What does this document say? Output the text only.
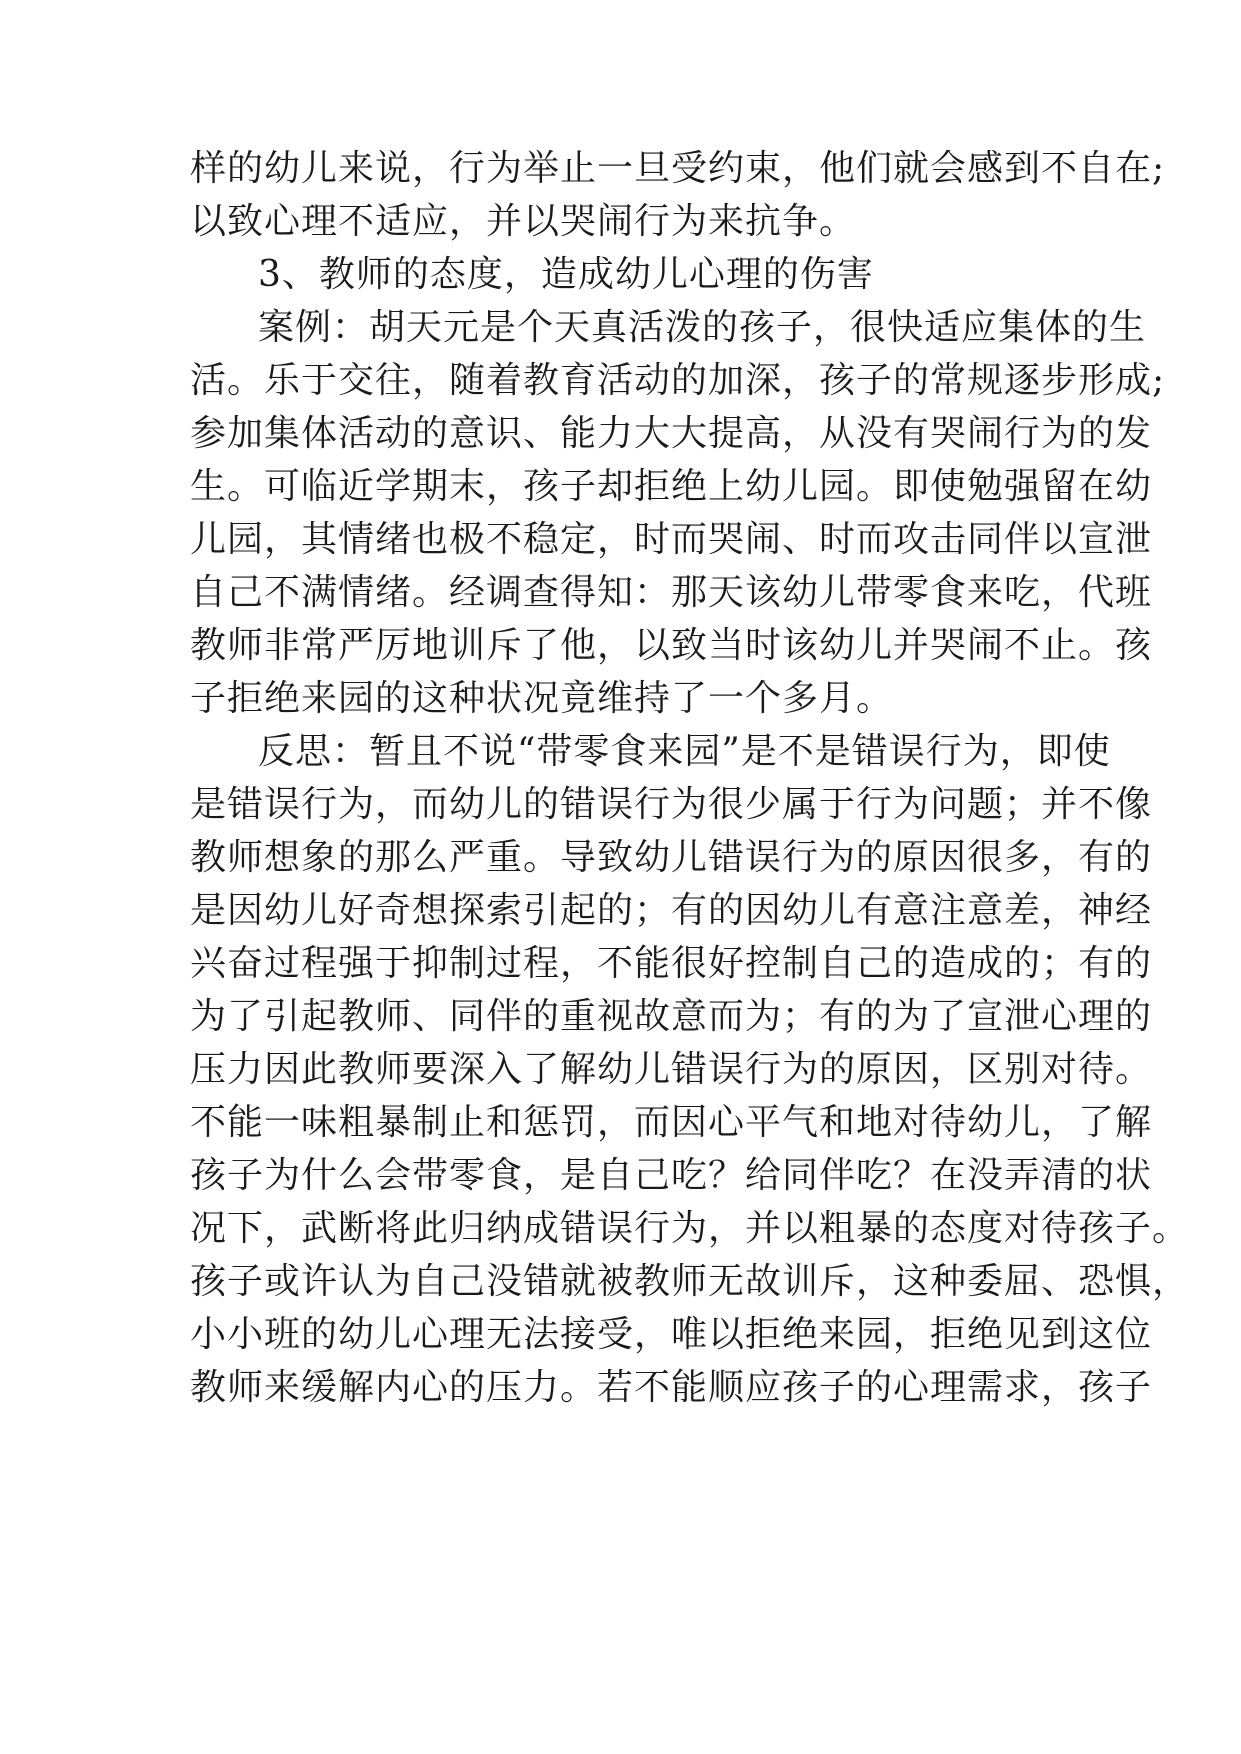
样的幼儿来说，行为举止一旦受约束，他们就会感到不自在;
以致心理不适应，并以哭闹行为来抗争。
3、教师的态度，造成幼儿心理的伤害
案例：胡天元是个天真活泼的孩子，很快适应集体的生
活。乐于交往，随着教育活动的加深，孩子的常规逐步形成;
参加集体活动的意识、能力大大提高，从没有哭闹行为的发
生。可临近学期末，孩子却拒绝上幼儿园。即使勉强留在幼
儿园，其情绪也极不稳定，时而哭闹、时而攻击同伴以宣泄
自己不满情绪。经调查得知：那天该幼儿带零食来吃，代班
教师非常严厉地训斥了他，以致当时该幼儿并哭闹不止。孩
子拒绝来园的这种状况竟维持了一个多月。
反思：暂且不说“带零食来园”是不是错误行为，即使
是错误行为，而幼儿的错误行为很少属于行为问题；并不像
教师想象的那么严重。导致幼儿错误行为的原因很多，有的
是因幼儿好奇想探索引起的；有的因幼儿有意注意差，神经
兴奋过程强于抑制过程，不能很好控制自己的造成的；有的
为了引起教师、同伴的重视故意而为；有的为了宣泄心理的
压力因此教师要深入了解幼儿错误行为的原因，区别对待。
不能一味粗暴制止和惩罚，而因心平气和地对待幼儿，了解
孩子为什么会带零食，是自己吃？给同伴吃？在没弄清的状
况下，武断将此归纳成错误行为，并以粗暴的态度对待孩子。
孩子或许认为自己没错就被教师无故训斥，这种委屈、恐惧，
小小班的幼儿心理无法接受，唯以拒绝来园，拒绝见到这位
教师来缓解内心的压力。若不能顺应孩子的心理需求，孩子
